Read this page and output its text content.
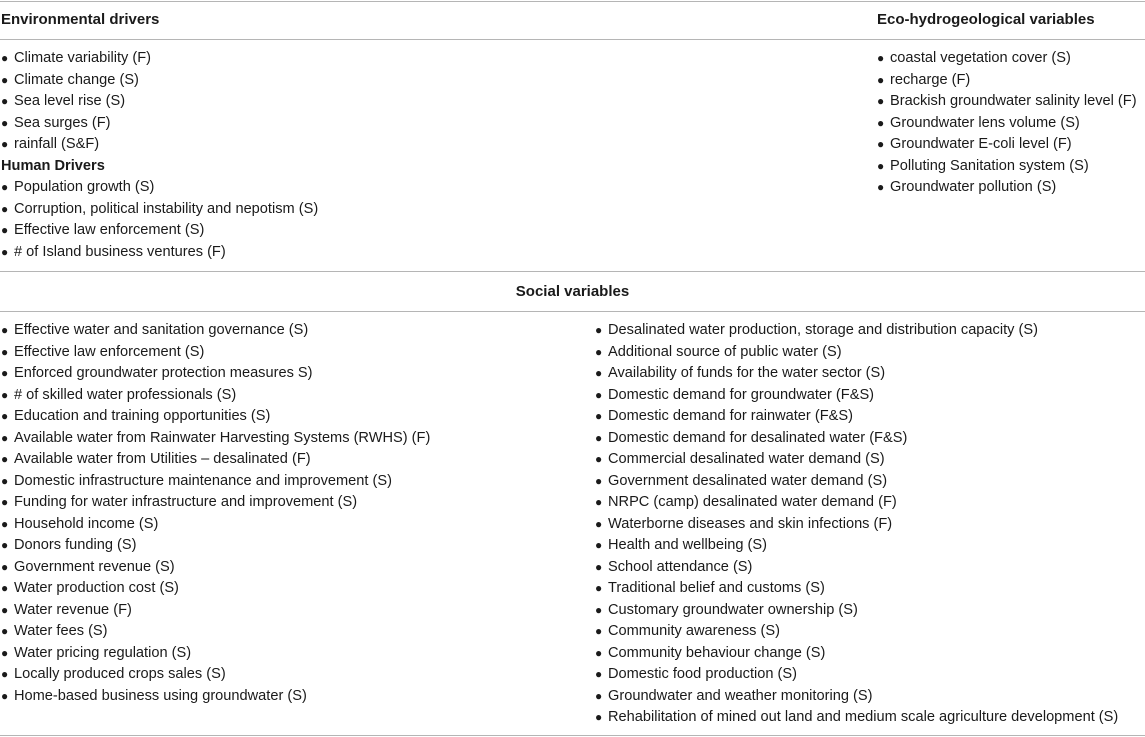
Environmental drivers	Eco-hydrogeological variables
Social variables
● Climate variability (F)
● Climate change (S)
● Sea level rise (S)
● Sea surges (F)
● rainfall (S&F)
Human Drivers
● Population growth (S)
● Corruption, political instability and nepotism (S)
● Effective law enforcement (S)
● # of Island business ventures (F)
● coastal vegetation cover (S)
● recharge (F)
● Brackish groundwater salinity level (F)
● Groundwater lens volume (S)
● Groundwater E-coli level (F)
● Polluting Sanitation system (S)
● Groundwater pollution (S)
● Effective water and sanitation governance (S)
● Effective law enforcement (S)
● Enforced groundwater protection measures S)
● # of skilled water professionals (S)
● Education and training opportunities (S)
● Available water from Rainwater Harvesting Systems (RWHS) (F)
● Available water from Utilities – desalinated (F)
● Domestic infrastructure maintenance and improvement (S)
● Funding for water infrastructure and improvement (S)
● Household income (S)
● Donors funding (S)
● Government revenue (S)
● Water production cost (S)
● Water revenue (F)
● Water fees (S)
● Water pricing regulation (S)
● Locally produced crops sales (S)
● Home-based business using groundwater (S)
● Desalinated water production, storage and distribution capacity (S)
● Additional source of public water (S)
● Availability of funds for the water sector (S)
● Domestic demand for groundwater (F&S)
● Domestic demand for rainwater (F&S)
● Domestic demand for desalinated water (F&S)
● Commercial desalinated water demand (S)
● Government desalinated water demand (S)
● NRPC (camp) desalinated water demand (F)
● Waterborne diseases and skin infections (F)
● Health and wellbeing (S)
● School attendance (S)
● Traditional belief and customs (S)
● Customary groundwater ownership (S)
● Community awareness (S)
● Community behaviour change (S)
● Domestic food production (S)
● Groundwater and weather monitoring (S)
● Rehabilitation of mined out land and medium scale agriculture development (S)
